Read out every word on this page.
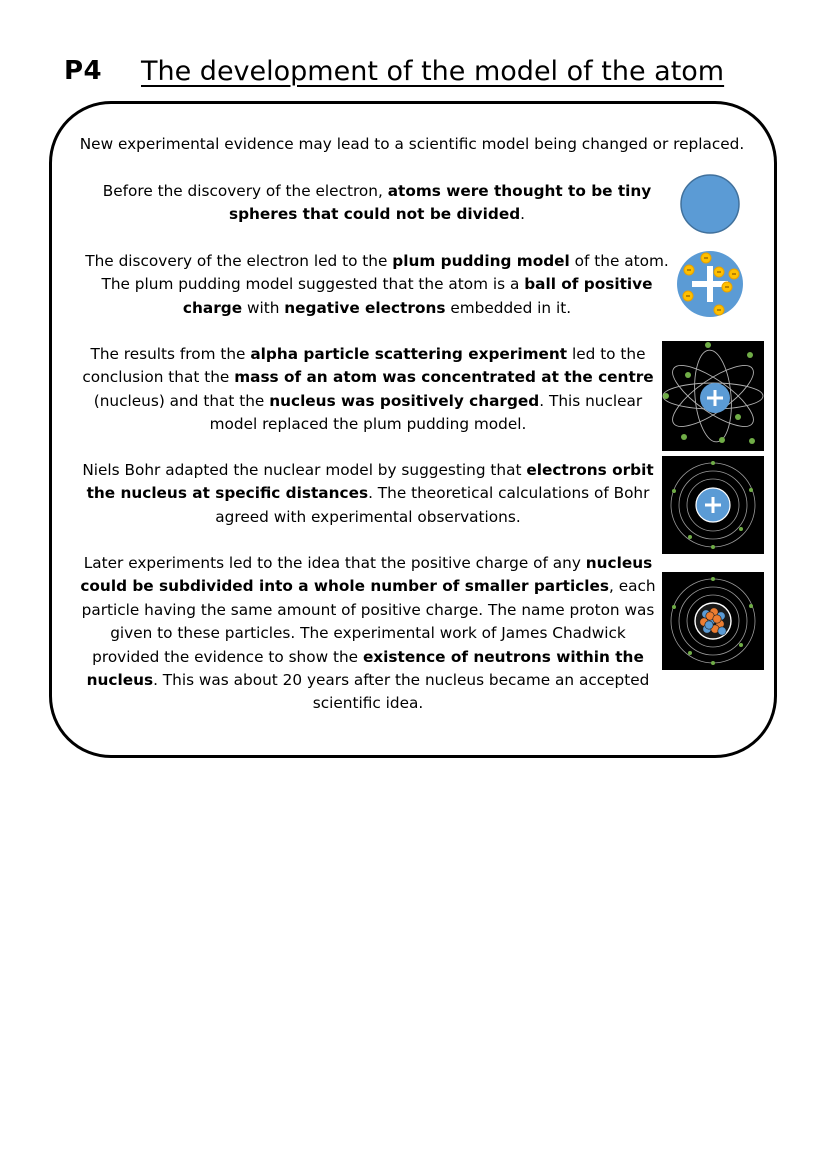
P4 The development of the model of the atom

New experimental evidence may lead to a scientific model being changed or replaced.

Before the discovery of the electron, atoms were thought to be tiny spheres that could not be divided.

The discovery of the electron led to the plum pudding model of the atom. The plum pudding model suggested that the atom is a ball of positive charge with negative electrons embedded in it.

The results from the alpha particle scattering experiment led to the conclusion that the mass of an atom was concentrated at the centre (nucleus) and that the nucleus was positively charged. This nuclear model replaced the plum pudding model.

Niels Bohr adapted the nuclear model by suggesting that electrons orbit the nucleus at specific distances. The theoretical calculations of Bohr agreed with experimental observations.

Later experiments led to the idea that the positive charge of any nucleus could be subdivided into a whole number of smaller particles, each particle having the same amount of positive charge. The name proton was given to these particles. The experimental work of James Chadwick provided the evidence to show the existence of neutrons within the nucleus. This was about 20 years after the nucleus became an accepted scientific idea.
